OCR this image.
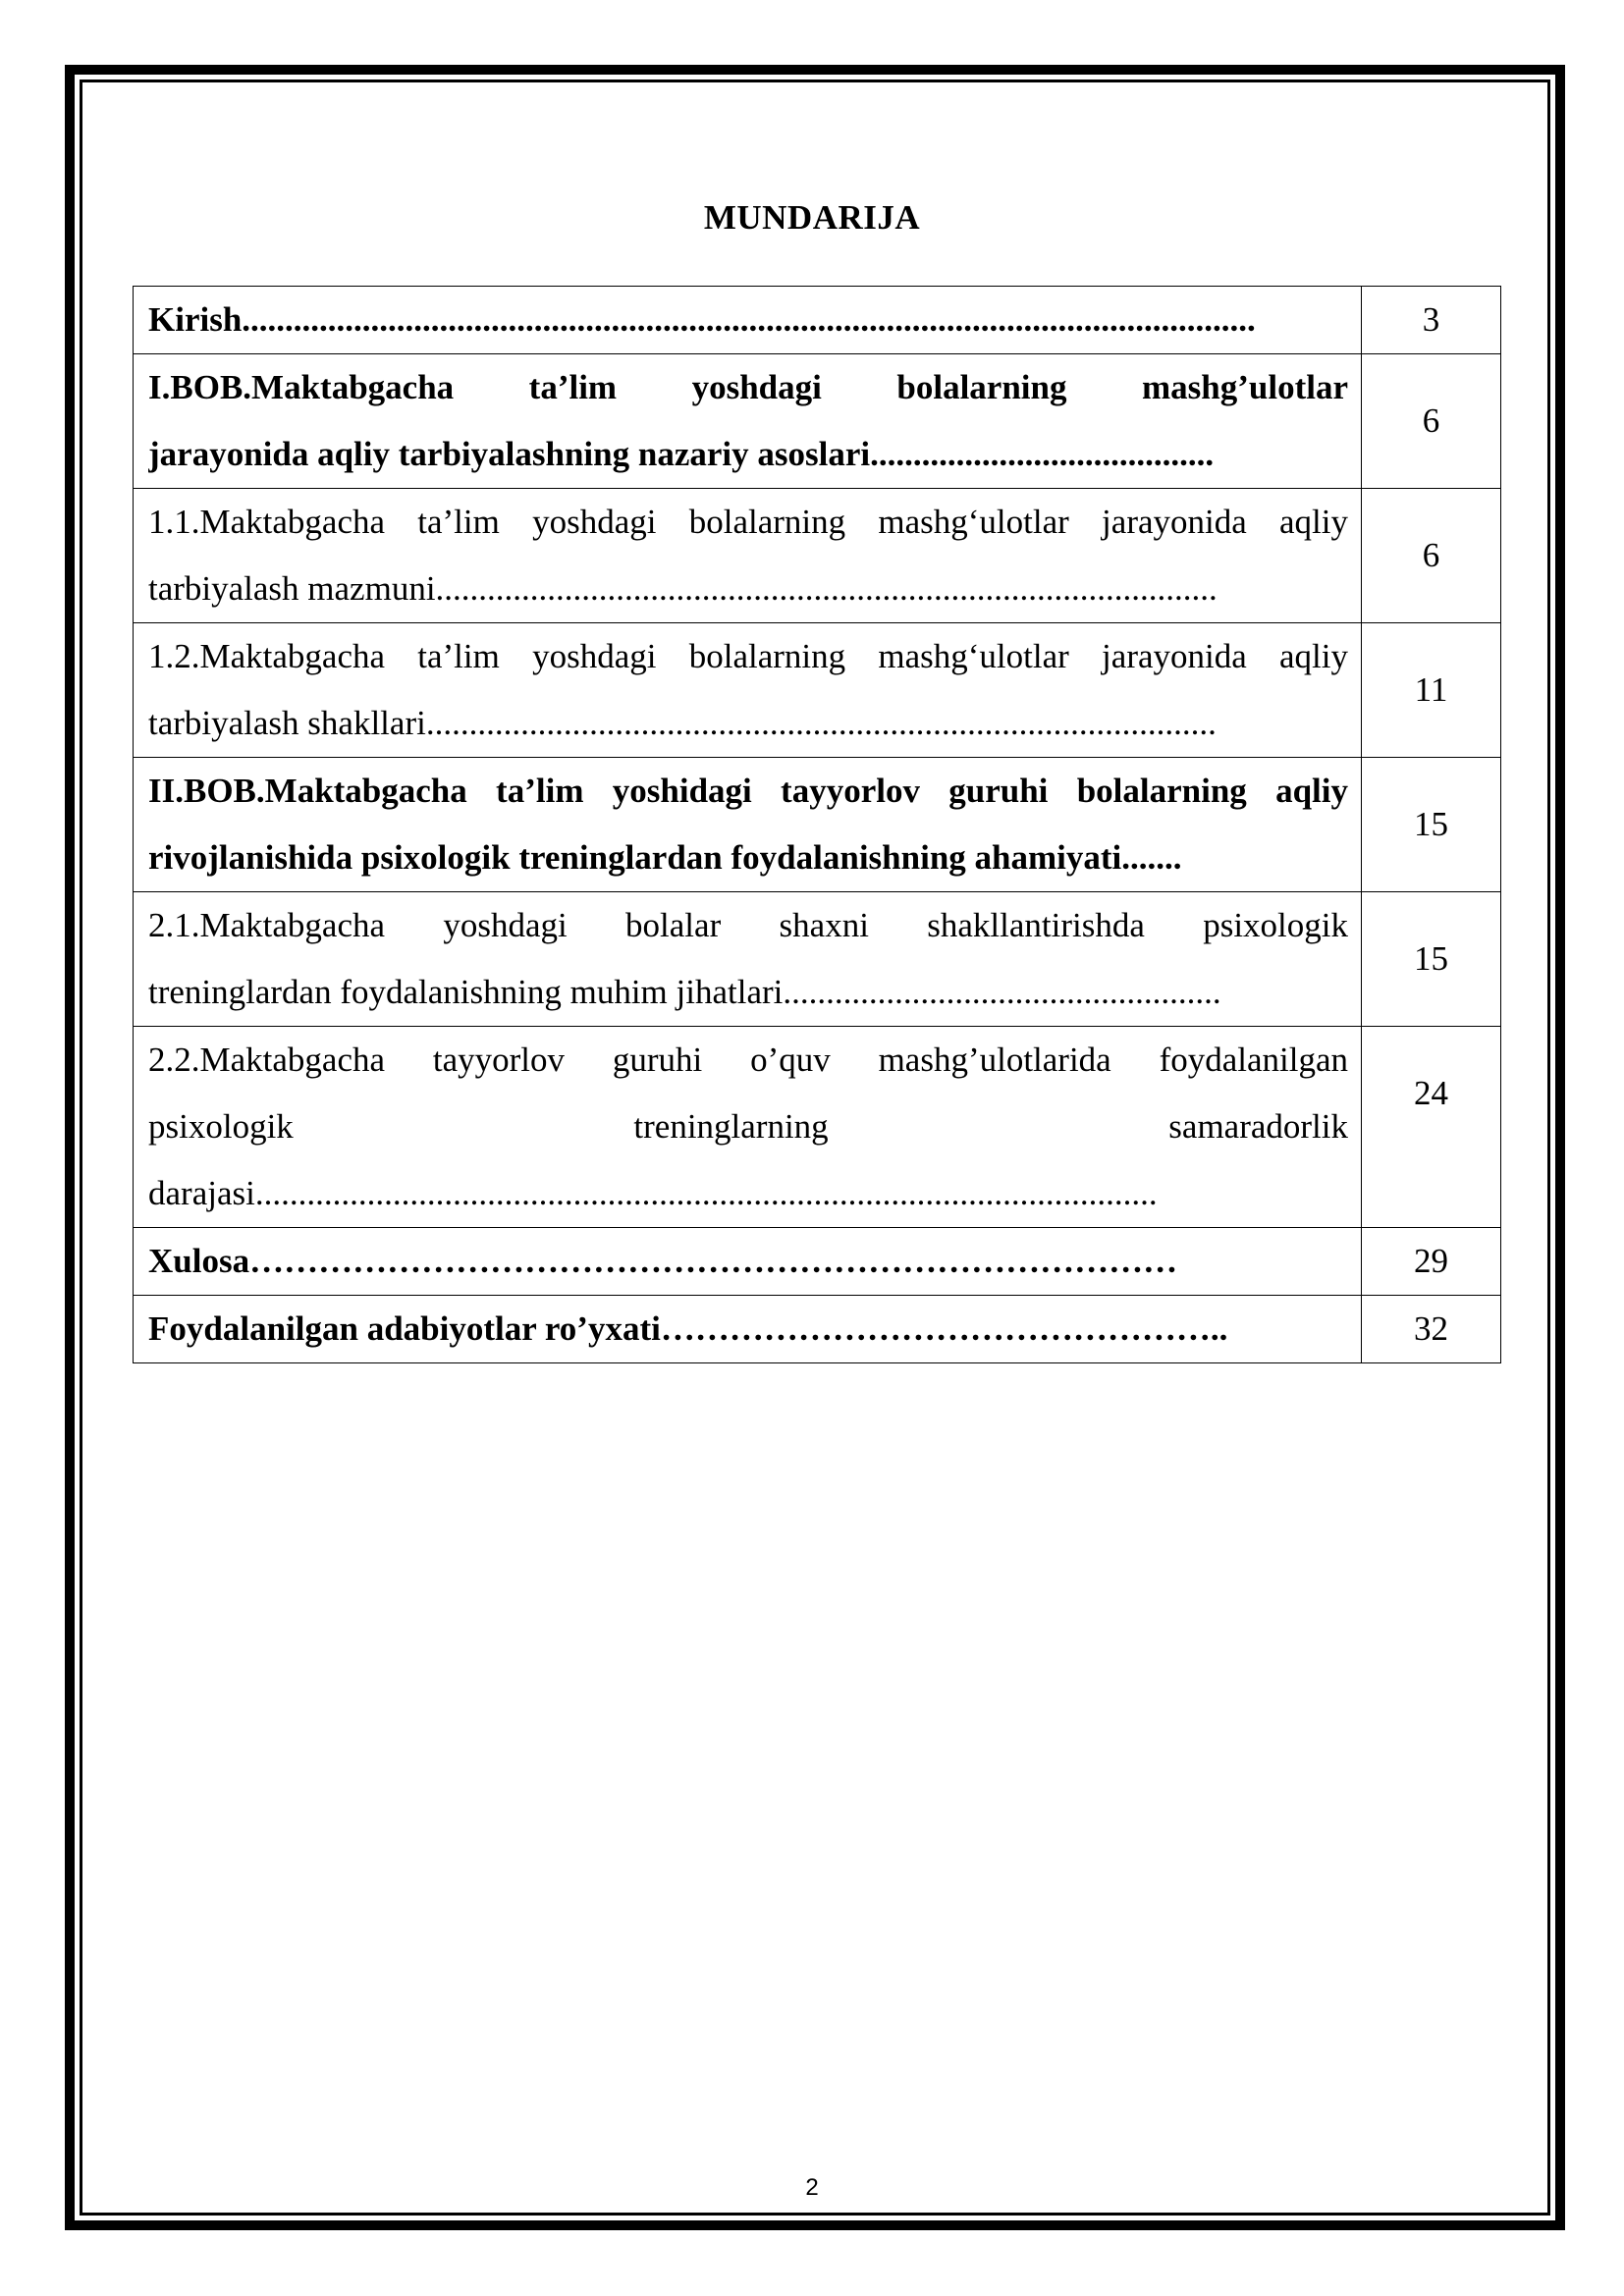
MUNDARIJA
Kirish......................................................................................................................	3

I.BOB.Maktabgacha ta’lim yoshdagi bolalarning mashg’ulotlar
jarayonida aqliy tarbiyalashning nazariy asoslari........................................	6

1.1.Maktabgacha ta’lim yoshdagi bolalarning mashg‘ulotlar jarayonida aqliy
tarbiyalash mazmuni...........................................................................................	6

1.2.Maktabgacha ta’lim yoshdagi bolalarning mashg‘ulotlar jarayonida aqliy
tarbiyalash shakllari............................................................................................	11

II.BOB.Maktabgacha ta’lim yoshidagi tayyorlov guruhi bolalarning aqliy
rivojlanishida psixologik treninglardan foydalanishning ahamiyati.......	15

2.1.Maktabgacha yoshdagi bolalar shaxni shakllantirishda psixologik
treninglardan foydalanishning muhim jihatlari...................................................	15

2.2.Maktabgacha tayyorlov guruhi o’quv mashg’ulotlarida foydalanilgan
psixologik treninglarning samaradorlik
darajasi.........................................................................................................	24

Xulosa………………………………………………………………………	29

Foydalanilgan adabiyotlar ro’yxati…………………………………………..	32
2
